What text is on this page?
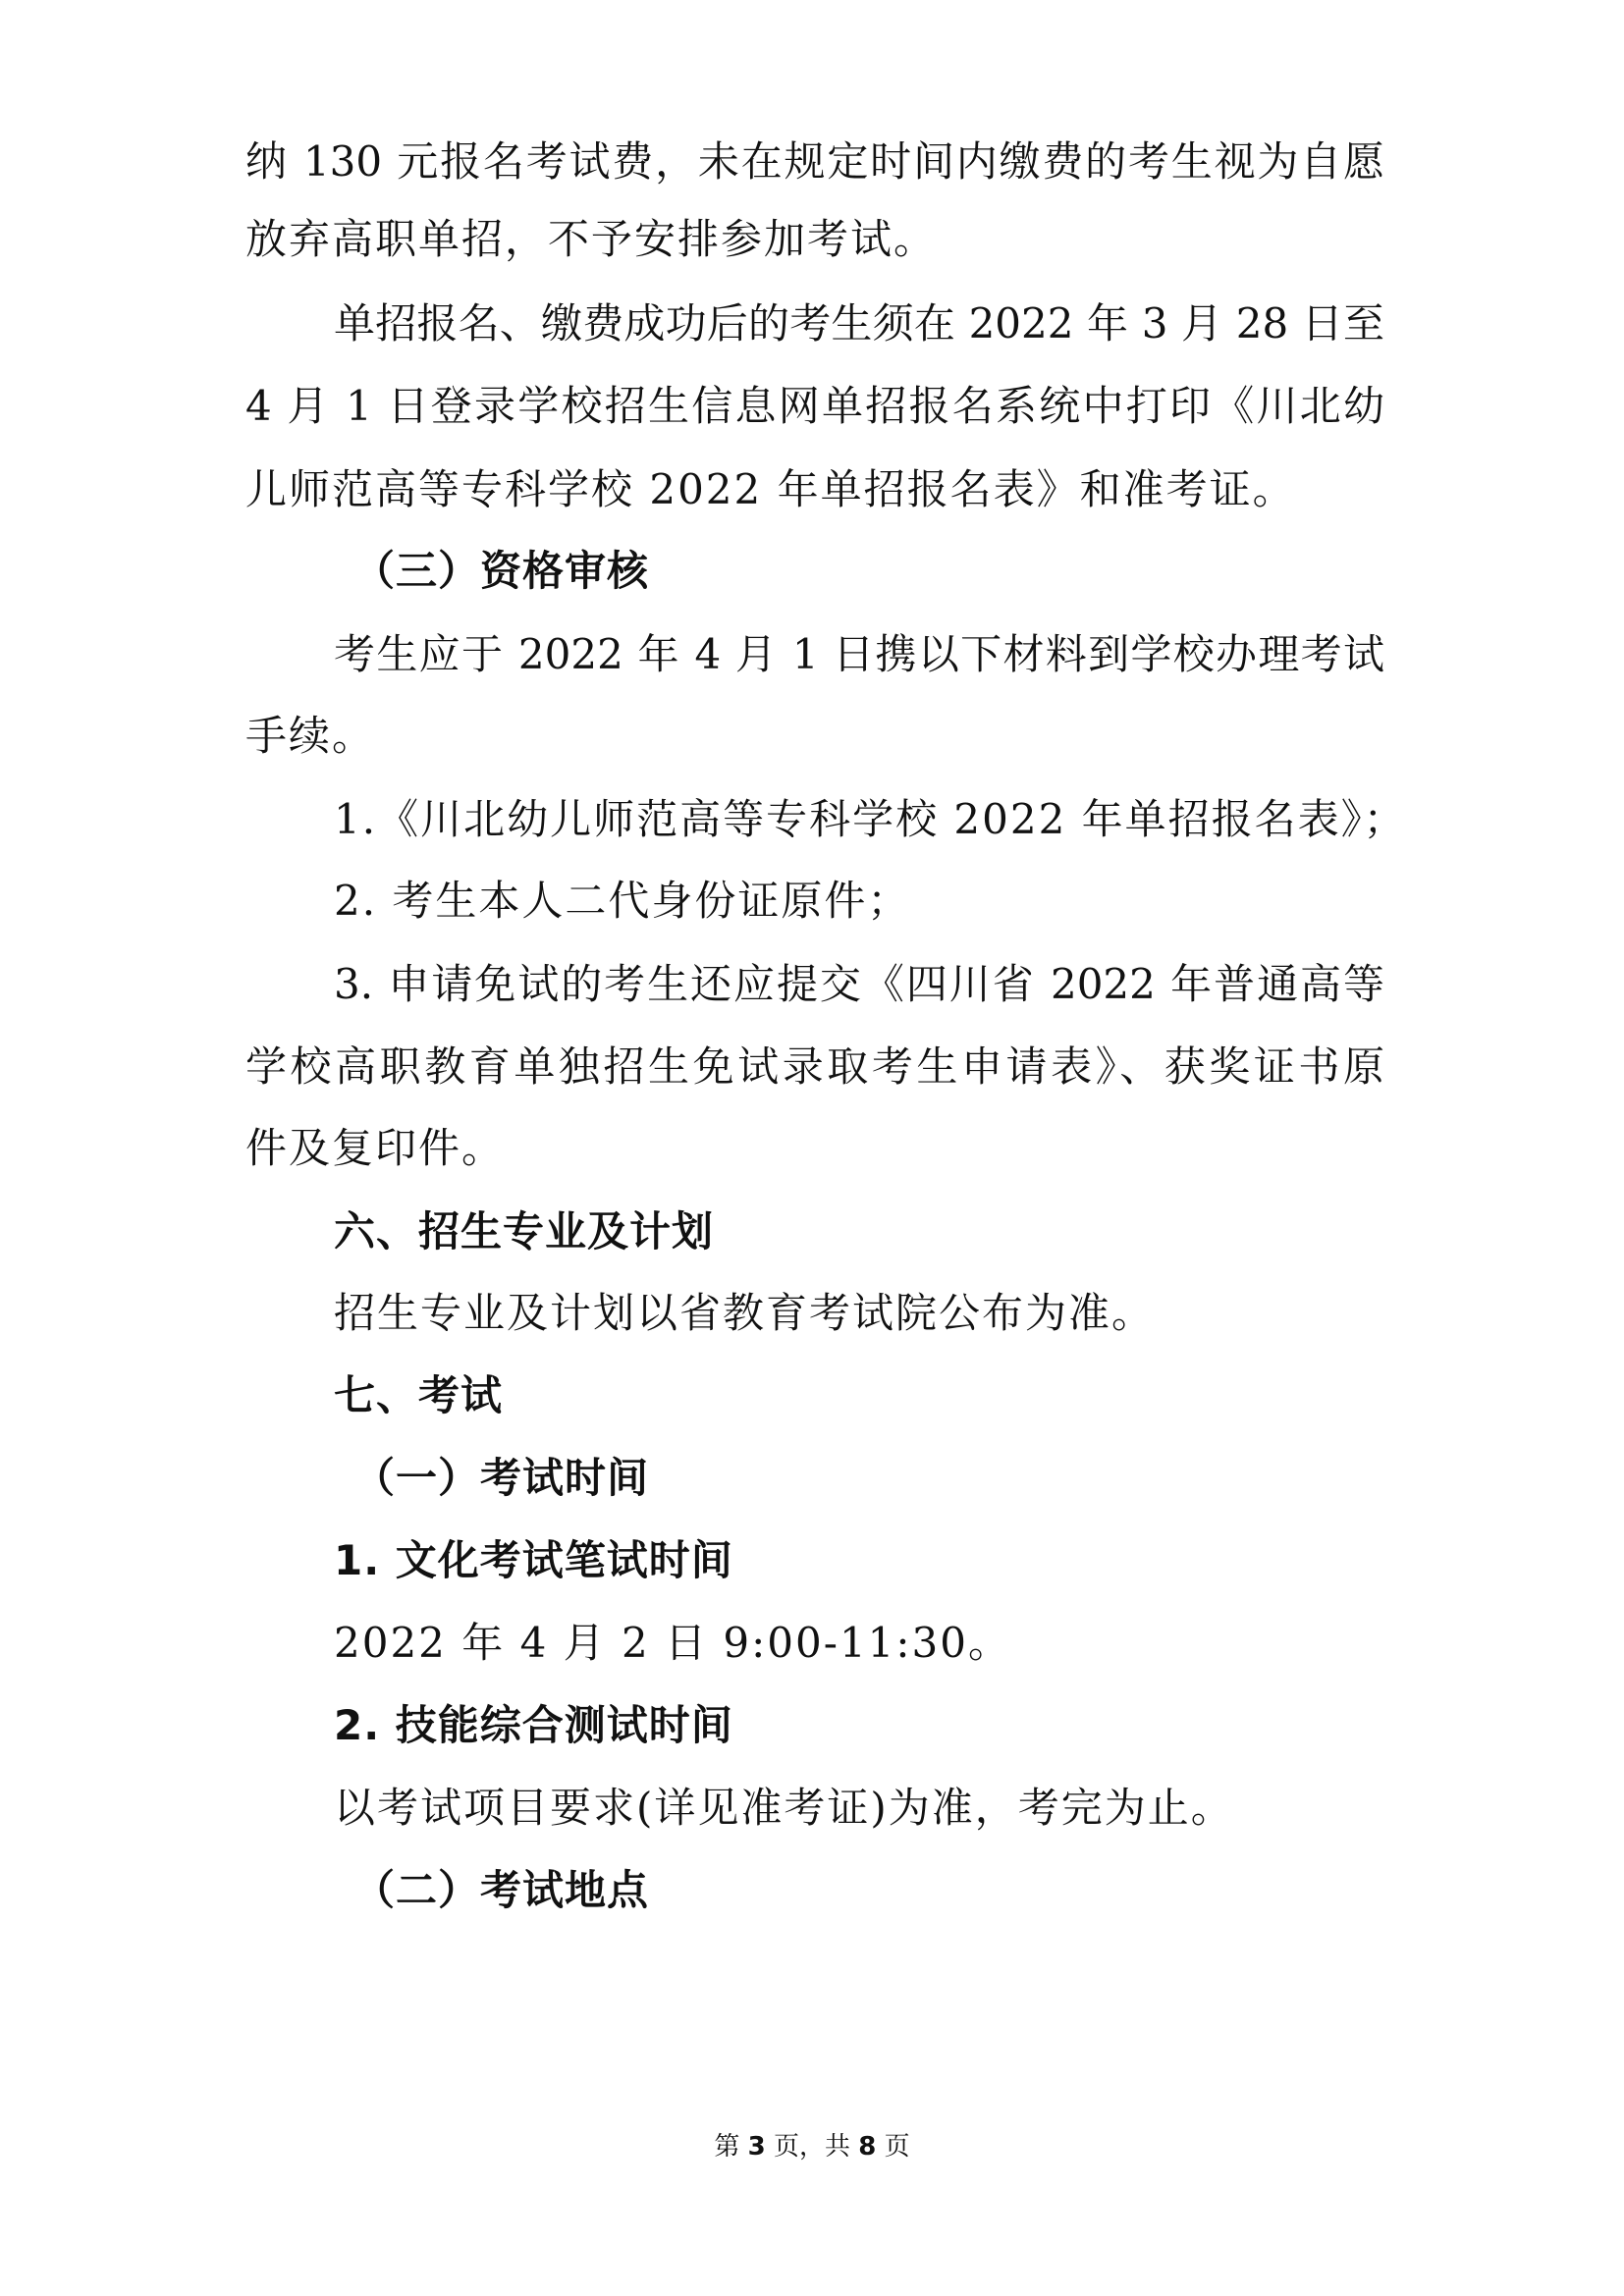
纳 130 元报名考试费，未在规定时间内缴费的考生视为自愿
放弃高职单招，不予安排参加考试。
单招报名、缴费成功后的考生须在 2022 年 3 月 28 日至
4 月 1 日登录学校招生信息网单招报名系统中打印《川北幼
儿师范高等专科学校 2022 年单招报名表》和准考证。
（三）资格审核
考生应于 2022 年 4 月 1 日携以下材料到学校办理考试
手续。
1.《川北幼儿师范高等专科学校 2022 年单招报名表》；
2. 考生本人二代身份证原件；
3. 申请免试的考生还应提交《四川省 2022 年普通高等
学校高职教育单独招生免试录取考生申请表》、获奖证书原
件及复印件。
六、招生专业及计划
招生专业及计划以省教育考试院公布为准。
七、考试
（一）考试时间
1. 文化考试笔试时间
2022 年 4 月 2 日 9:00-11:30。
2. 技能综合测试时间
以考试项目要求(详见准考证)为准，考完为止。
（二）考试地点
第 3 页，共 8 页
